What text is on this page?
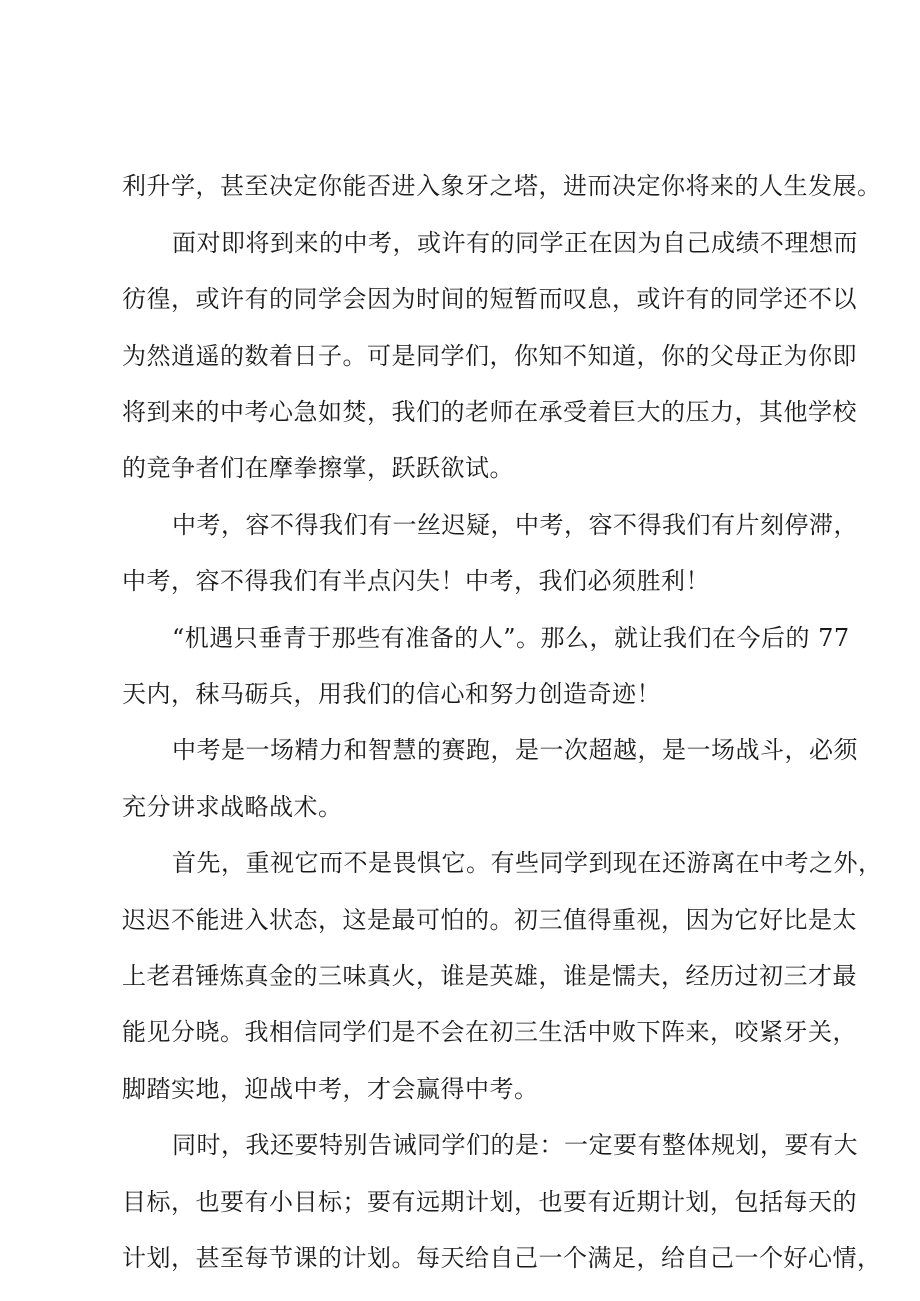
利升学，甚至决定你能否进入象牙之塔，进而决定你将来的人生发展。
面对即将到来的中考，或许有的同学正在因为自己成绩不理想而
彷徨，或许有的同学会因为时间的短暂而叹息，或许有的同学还不以
为然逍遥的数着日子。可是同学们，你知不知道，你的父母正为你即
将到来的中考心急如焚，我们的老师在承受着巨大的压力，其他学校
的竞争者们在摩拳擦掌，跃跃欲试。
中考，容不得我们有一丝迟疑，中考，容不得我们有片刻停滞，
中考，容不得我们有半点闪失！中考，我们必须胜利！
“机遇只垂青于那些有准备的人”。那么，就让我们在今后的 77
天内，秣马砺兵，用我们的信心和努力创造奇迹！
中考是一场精力和智慧的赛跑，是一次超越，是一场战斗，必须
充分讲求战略战术。
首先，重视它而不是畏惧它。有些同学到现在还游离在中考之外，
迟迟不能进入状态，这是最可怕的。初三值得重视，因为它好比是太
上老君锤炼真金的三味真火，谁是英雄，谁是懦夫，经历过初三才最
能见分晓。我相信同学们是不会在初三生活中败下阵来，咬紧牙关，
脚踏实地，迎战中考，才会赢得中考。
同时，我还要特别告诫同学们的是：一定要有整体规划，要有大
目标，也要有小目标；要有远期计划，也要有近期计划，包括每天的
计划，甚至每节课的计划。每天给自己一个满足，给自己一个好心情，
